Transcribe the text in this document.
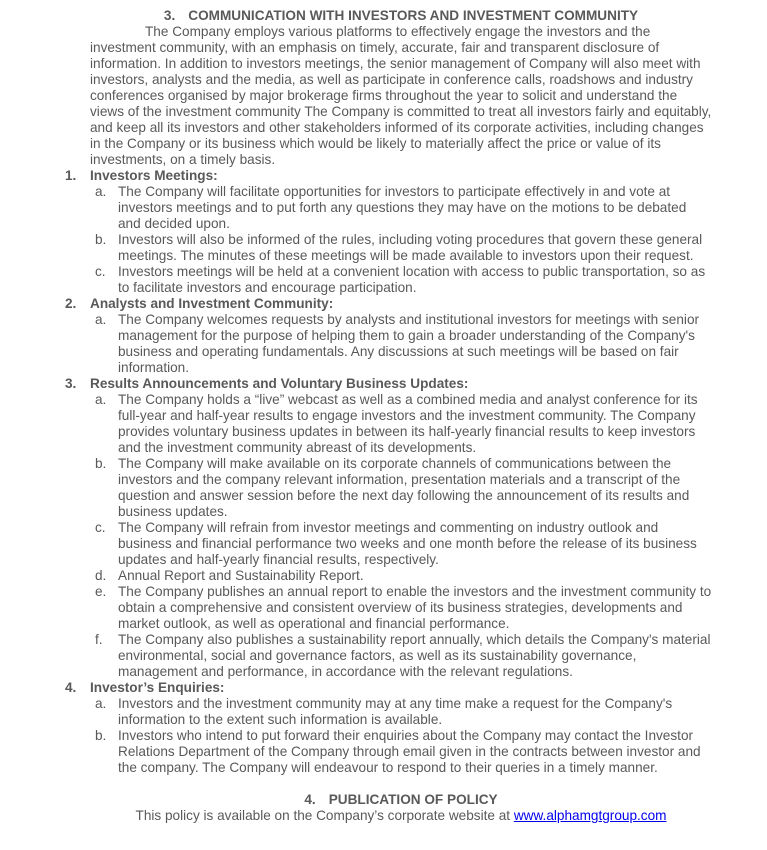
3. COMMUNICATION WITH INVESTORS AND INVESTMENT COMMUNITY
The Company employs various platforms to effectively engage the investors and the investment community, with an emphasis on timely, accurate, fair and transparent disclosure of information. In addition to investors meetings, the senior management of Company will also meet with investors, analysts and the media, as well as participate in conference calls, roadshows and industry conferences organised by major brokerage firms throughout the year to solicit and understand the views of the investment community The Company is committed to treat all investors fairly and equitably, and keep all its investors and other stakeholders informed of its corporate activities, including changes in the Company or its business which would be likely to materially affect the price or value of its investments, on a timely basis.
1. Investors Meetings:
a. The Company will facilitate opportunities for investors to participate effectively in and vote at investors meetings and to put forth any questions they may have on the motions to be debated and decided upon.
b. Investors will also be informed of the rules, including voting procedures that govern these general meetings. The minutes of these meetings will be made available to investors upon their request.
c. Investors meetings will be held at a convenient location with access to public transportation, so as to facilitate investors and encourage participation.
2. Analysts and Investment Community:
a. The Company welcomes requests by analysts and institutional investors for meetings with senior management for the purpose of helping them to gain a broader understanding of the Company's business and operating fundamentals. Any discussions at such meetings will be based on fair information.
3. Results Announcements and Voluntary Business Updates:
a. The Company holds a “live” webcast as well as a combined media and analyst conference for its full-year and half-year results to engage investors and the investment community. The Company provides voluntary business updates in between its half-yearly financial results to keep investors and the investment community abreast of its developments.
b. The Company will make available on its corporate channels of communications between the investors and the company relevant information, presentation materials and a transcript of the question and answer session before the next day following the announcement of its results and business updates.
c. The Company will refrain from investor meetings and commenting on industry outlook and business and financial performance two weeks and one month before the release of its business updates and half-yearly financial results, respectively.
d. Annual Report and Sustainability Report.
e. The Company publishes an annual report to enable the investors and the investment community to obtain a comprehensive and consistent overview of its business strategies, developments and market outlook, as well as operational and financial performance.
f. The Company also publishes a sustainability report annually, which details the Company's material environmental, social and governance factors, as well as its sustainability governance, management and performance, in accordance with the relevant regulations.
4. Investor’s Enquiries:
a. Investors and the investment community may at any time make a request for the Company's information to the extent such information is available.
b. Investors who intend to put forward their enquiries about the Company may contact the Investor Relations Department of the Company through email given in the contracts between investor and the company. The Company will endeavour to respond to their queries in a timely manner.
4. PUBLICATION OF POLICY
This policy is available on the Company’s corporate website at www.alphamgtgroup.com
